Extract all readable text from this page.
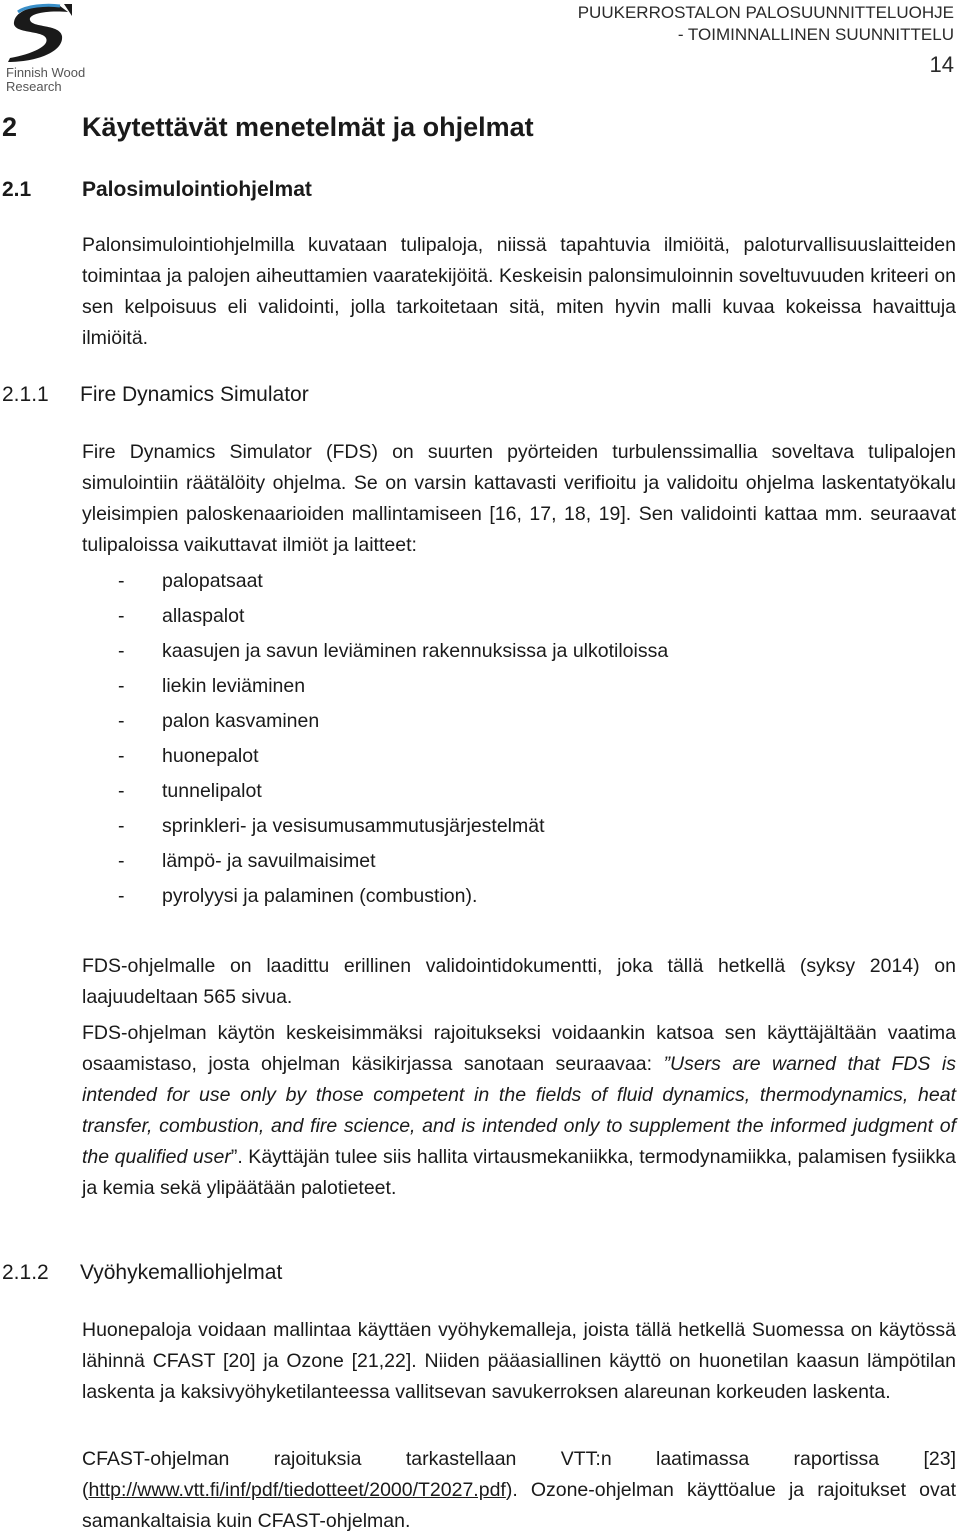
Finnish Wood
Research
PUUKERROSTALON PALOSUUNNITTELUOHJE
- TOIMINNALLINEN SUUNNITTELU
14
2 Käytettävät menetelmät ja ohjelmat
2.1 Palosimulointiohjelmat
Palonsimulointiohjelmilla kuvataan tulipaloja, niissä tapahtuvia ilmiöitä, paloturvallisuuslaitteiden toimintaa ja palojen aiheuttamien vaaratekijöitä. Keskeisin palonsimuloinnin soveltuvuuden kriteeri on sen kelpoisuus eli validointi, jolla tarkoitetaan sitä, miten hyvin malli kuvaa kokeissa havaittuja ilmiöitä.
2.1.1 Fire Dynamics Simulator
Fire Dynamics Simulator (FDS) on suurten pyörteiden turbulenssimallia soveltava tulipalojen simulointiin räätälöity ohjelma. Se on varsin kattavasti verifioitu ja validoitu ohjelma laskentatyökalu yleisimpien paloskenaarioiden mallintamiseen [16, 17, 18, 19]. Sen validointi kattaa mm. seuraavat tulipaloissa vaikuttavat ilmiöt ja laitteet:
- palopatsaat
- allaspalot
- kaasujen ja savun leviäminen rakennuksissa ja ulkotiloissa
- liekin leviäminen
- palon kasvaminen
- huonepalot
- tunnelipalot
- sprinkleri- ja vesisumusammutusjärjestelmät
- lämpö- ja savuilmaisimet
- pyrolyysi ja palaminen (combustion).
FDS-ohjelmalle on laadittu erillinen validointidokumentti, joka tällä hetkellä (syksy 2014) on laajuudeltaan 565 sivua.
FDS-ohjelman käytön keskeisimmäksi rajoitukseksi voidaankin katsoa sen käyttäjältään vaatima osaamistaso, josta ohjelman käsikirjassa sanotaan seuraavaa: ”Users are warned that FDS is intended for use only by those competent in the fields of fluid dynamics, thermodynamics, heat transfer, combustion, and fire science, and is intended only to supplement the informed judgment of the qualified user”. Käyttäjän tulee siis hallita virtausmekaniikka, termodynamiikka, palamisen fysiikka ja kemia sekä ylipäätään palotieteet.
2.1.2 Vyöhykemalliohjelmat
Huonepaloja voidaan mallintaa käyttäen vyöhykemalleja, joista tällä hetkellä Suomessa on käytössä lähinnä CFAST [20] ja Ozone [21,22]. Niiden pääasiallinen käyttö on huonetilan kaasun lämpötilan laskenta ja kaksivyöhyketilanteessa vallitsevan savukerroksen alareunan korkeuden laskenta.
CFAST-ohjelman rajoituksia tarkastellaan VTT:n laatimassa raportissa [23] (http://www.vtt.fi/inf/pdf/tiedotteet/2000/T2027.pdf). Ozone-ohjelman käyttöalue ja rajoitukset ovat samankaltaisia kuin CFAST-ohjelman.
